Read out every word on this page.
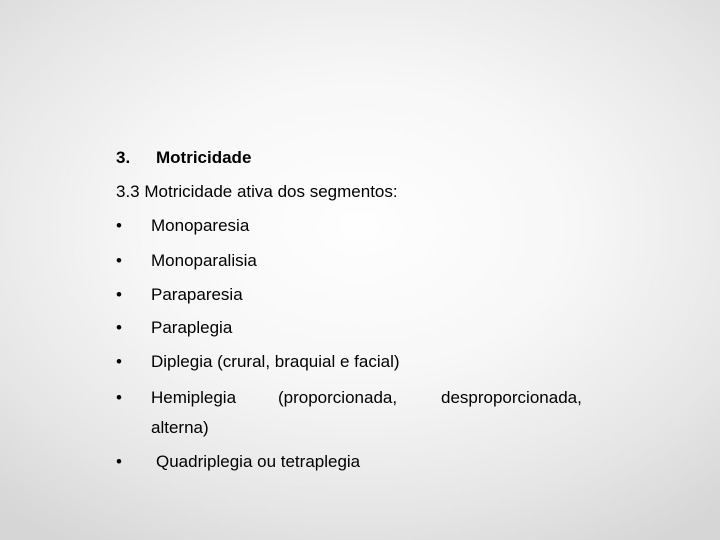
3. Motricidade
3.3 Motricidade ativa dos segmentos:
• Monoparesia
• Monoparalisia
• Paraparesia
• Paraplegia
• Diplegia (crural, braquial e facial)
• Hemiplegia (proporcionada,	desproporcionada,
alterna)
• Quadriplegia ou tetraplegia
